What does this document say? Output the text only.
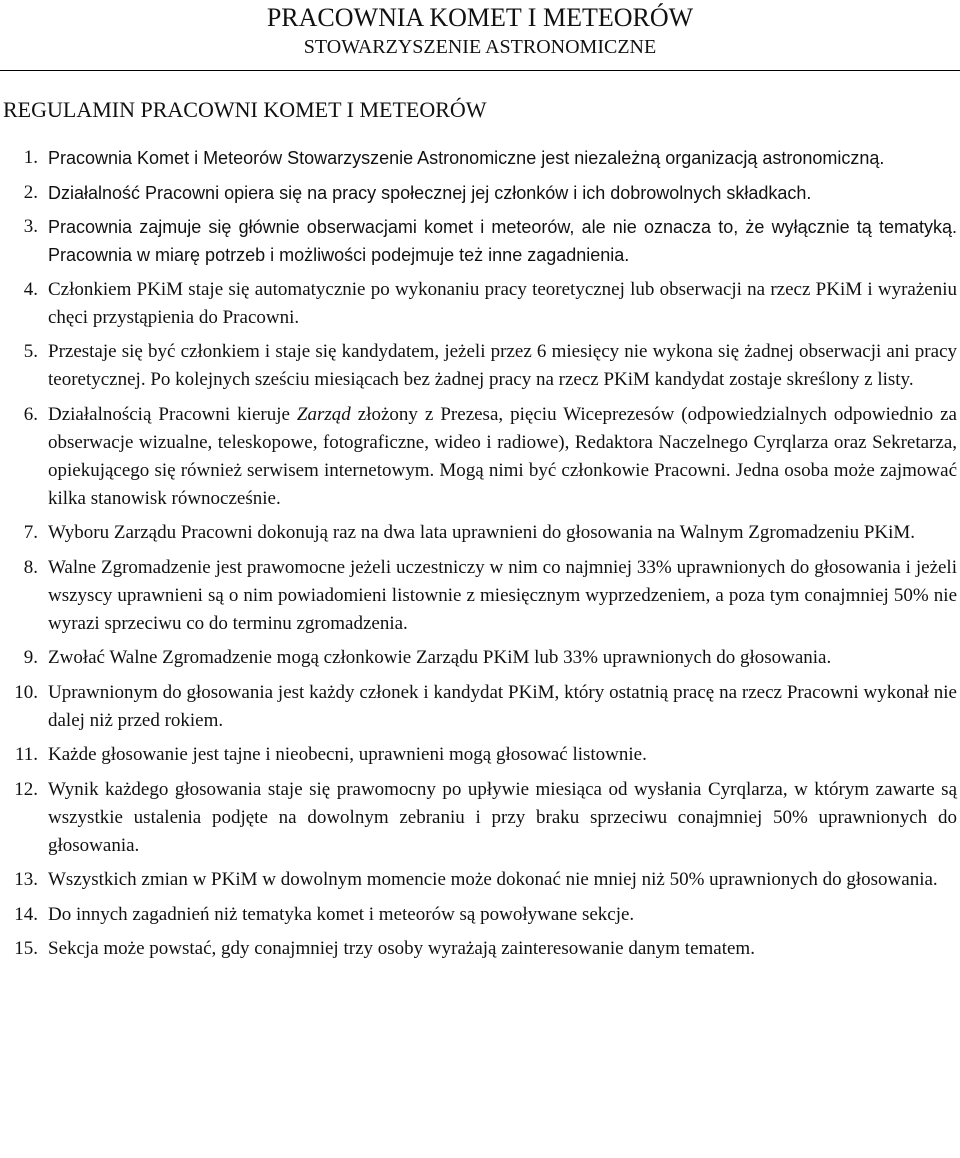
PRACOWNIA KOMET I METEORÓW
STOWARZYSZENIE ASTRONOMICZNE
REGULAMIN PRACOWNI KOMET I METEORÓW
1. Pracownia Komet i Meteorów Stowarzyszenie Astronomiczne jest niezależną organizacją astronomiczną.
2. Działalność Pracowni opiera się na pracy społecznej jej członków i ich dobrowolnych składkach.
3. Pracownia zajmuje się głównie obserwacjami komet i meteorów, ale nie oznacza to, że wyłącznie tą tematyką. Pracownia w miarę potrzeb i możliwości podejmuje też inne zagadnienia.
4. Członkiem PKiM staje się automatycznie po wykonaniu pracy teoretycznej lub obserwacji na rzecz PKiM i wyrażeniu chęci przystąpienia do Pracowni.
5. Przestaje się być członkiem i staje się kandydatem, jeżeli przez 6 miesięcy nie wykona się żadnej obserwacji ani pracy teoretycznej. Po kolejnych sześciu miesiącach bez żadnej pracy na rzecz PKiM kandydat zostaje skreślony z listy.
6. Działalnością Pracowni kieruje Zarząd złożony z Prezesa, pięciu Wiceprezesów (odpowiedzialnych odpowiednio za obserwacje wizualne, teleskopowe, fotograficzne, wideo i radiowe), Redaktora Naczelnego Cyrqlarza oraz Sekretarza, opiekującego się również serwisem internetowym. Mogą nimi być członkowie Pracowni. Jedna osoba może zajmować kilka stanowisk równocześnie.
7. Wyboru Zarządu Pracowni dokonują raz na dwa lata uprawnieni do głosowania na Walnym Zgromadzeniu PKiM.
8. Walne Zgromadzenie jest prawomocne jeżeli uczestniczy w nim co najmniej 33% uprawnionych do głosowania i jeżeli wszyscy uprawnieni są o nim powiadomieni listownie z miesięcznym wyprzedzeniem, a poza tym conajmniej 50% nie wyrazi sprzeciwu co do terminu zgromadzenia.
9. Zwołać Walne Zgromadzenie mogą członkowie Zarządu PKiM lub 33% uprawnionych do głosowania.
10. Uprawnionym do głosowania jest każdy członek i kandydat PKiM, który ostatnią pracę na rzecz Pracowni wykonał nie dalej niż przed rokiem.
11. Każde głosowanie jest tajne i nieobecni, uprawnieni mogą głosować listownie.
12. Wynik każdego głosowania staje się prawomocny po upływie miesiąca od wysłania Cyrqlarza, w którym zawarte są wszystkie ustalenia podjęte na dowolnym zebraniu i przy braku sprzeciwu conajmniej 50% uprawnionych do głosowania.
13. Wszystkich zmian w PKiM w dowolnym momencie może dokonać nie mniej niż 50% uprawnionych do głosowania.
14. Do innych zagadnień niż tematyka komet i meteorów są powoływane sekcje.
15. Sekcja może powstać, gdy conajmniej trzy osoby wyrażają zainteresowanie danym tematem.
